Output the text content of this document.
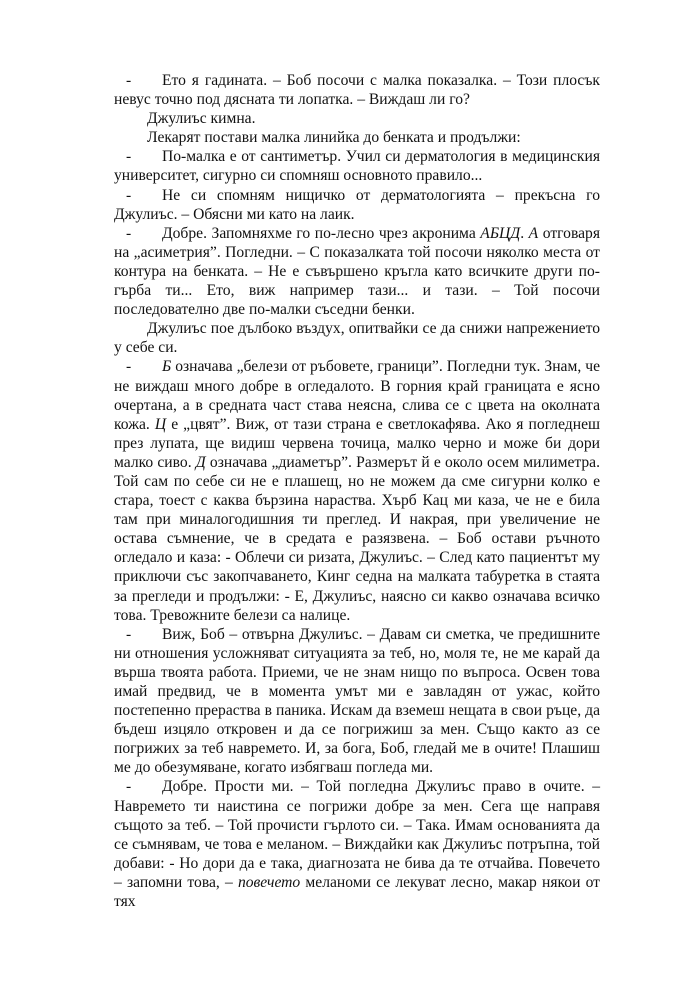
- Ето я гадината. – Боб посочи с малка показалка. – Този плосък невус точно под дясната ти лопатка. – Виждаш ли го?

Джулиъс кимна.

Лекарят постави малка линийка до бенката и продължи:

- По-малка е от сантиметър. Учил си дерматология в медицинския университет, сигурно си спомняш основното правило...

- Не си спомням нищичко от дерматологията – прекъсна го Джулиъс. – Обясни ми като на лаик.

- Добре. Запомняхме го по-лесно чрез акронима АБЦД. А отговаря на „асиметрия”. Погледни. – С показалката той посочи няколко места от контура на бенката. – Не е съвършено кръгла като всичките други по-гърба ти... Ето, виж например тази... и тази. – Той посочи последователно две по-малки съседни бенки.

Джулиъс пое дълбоко въздух, опитвайки се да снижи напрежението у себе си.

- Б означава „белези от ръбовете, граници”. Погледни тук. Знам, че не виждаш много добре в огледалото. В горния край границата е ясно очертана, а в средната част става неясна, слива се с цвета на околната кожа. Ц е „цвят”. Виж, от тази страна е светлокафява. Ако я погледнеш през лупата, ще видиш червена точица, малко черно и може би дори малко сиво. Д означава „диаметър”. Размерът й е около осем милиметра. Той сам по себе си не е плашещ, но не можем да сме сигурни колко е стара, тоест с каква бързина нараства. Хърб Кац ми каза, че не е била там при миналогодишния ти преглед. И накрая, при увеличение не остава съмнение, че в средата е разязвена. – Боб остави ръчното огледало и каза: - Облечи си ризата, Джулиъс. – След като пациентът му приключи със закопчаването, Кинг седна на малката табуретка в стаята за прегледи и продължи: - Е, Джулиъс, наясно си какво означава всичко това. Тревожните белези са налице.

- Виж, Боб – отвърна Джулиъс. – Давам си сметка, че предишните ни отношения усложняват ситуацията за теб, но, моля те, не ме карай да върша твоята работа. Приеми, че не знам нищо по въпроса. Освен това имай предвид, че в момента умът ми е завладян от ужас, който постепенно прераства в паника. Искам да вземеш нещата в свои ръце, да бъдеш изцяло откровен и да се погрижиш за мен. Също както аз се погрижих за теб навремето. И, за бога, Боб, гледай ме в очите! Плашиш ме до обезумяване, когато избягваш погледа ми.

- Добре. Прости ми. – Той погледна Джулиъс право в очите. – Навремето ти наистина се погрижи добре за мен. Сега ще направя същото за теб. – Той прочисти гърлото си. – Така. Имам основанията да се съмнявам, че това е меланом. – Виждайки как Джулиъс потръпна, той добави: - Но дори да е така, диагнозата не бива да те отчайва. Повечето – запомни това, – повечето меланоми се лекуват лесно, макар някои от тях
